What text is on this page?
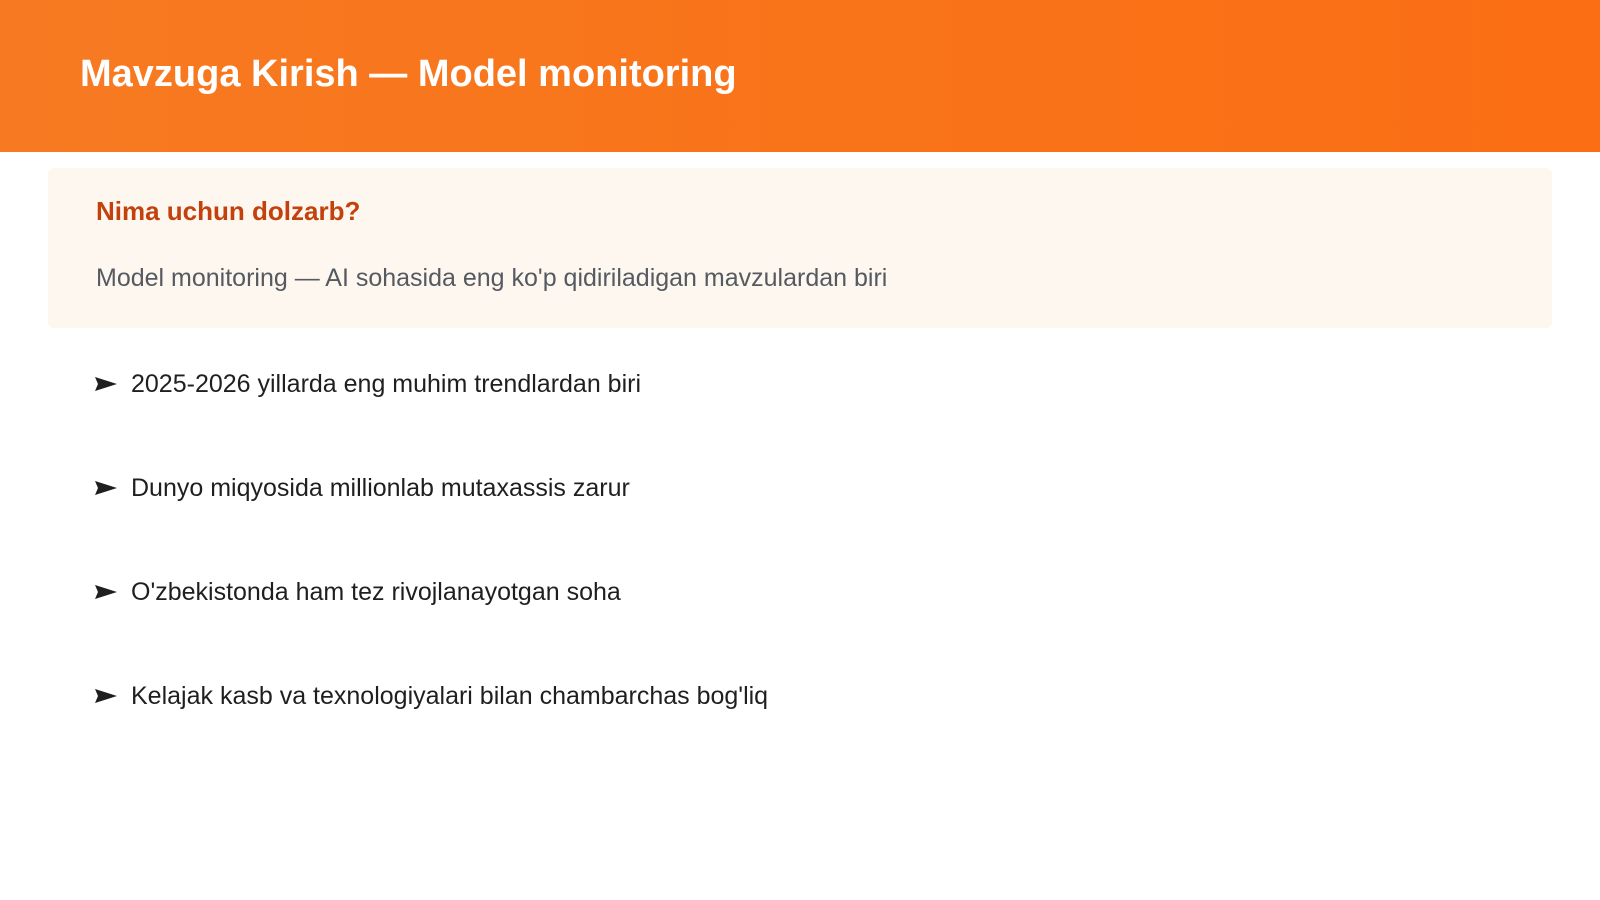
Mavzuga Kirish — Model monitoring
Nima uchun dolzarb?

Model monitoring — AI sohasida eng ko'p qidiriladigan mavzulardan biri

2025-2026 yillarda eng muhim trendlardan biri
Dunyo miqyosida millionlab mutaxassis zarur
O'zbekistonda ham tez rivojlanayotgan soha
Kelajak kasb va texnologiyalari bilan chambarchas bog'liq
